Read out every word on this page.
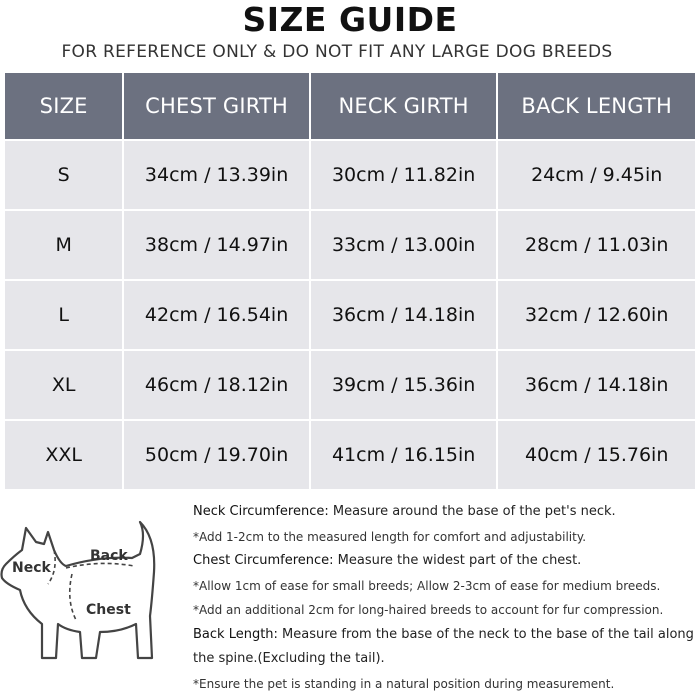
SIZE GUIDE
FOR REFERENCE ONLY & DO NOT FIT ANY LARGE DOG BREEDS
SIZE	CHEST GIRTH	NECK GIRTH	BACK LENGTH
S	34cm / 13.39in	30cm / 11.82in	24cm / 9.45in
M	38cm / 14.97in	33cm / 13.00in	28cm / 11.03in
L	42cm / 16.54in	36cm / 14.18in	32cm / 12.60in
XL	46cm / 18.12in	39cm / 15.36in	36cm / 14.18in
XXL	50cm / 19.70in	41cm / 16.15in	40cm / 15.76in
Neck
Back
Chest
Neck Circumference: Measure around the base of the pet's neck.
*Add 1-2cm to the measured length for comfort and adjustability.
Chest Circumference: Measure the widest part of the chest.
*Allow 1cm of ease for small breeds; Allow 2-3cm of ease for medium breeds.
*Add an additional 2cm for long-haired breeds to account for fur compression.
Back Length: Measure from the base of the neck to the base of the tail along
the spine.(Excluding the tail).
*Ensure the pet is standing in a natural position during measurement.
